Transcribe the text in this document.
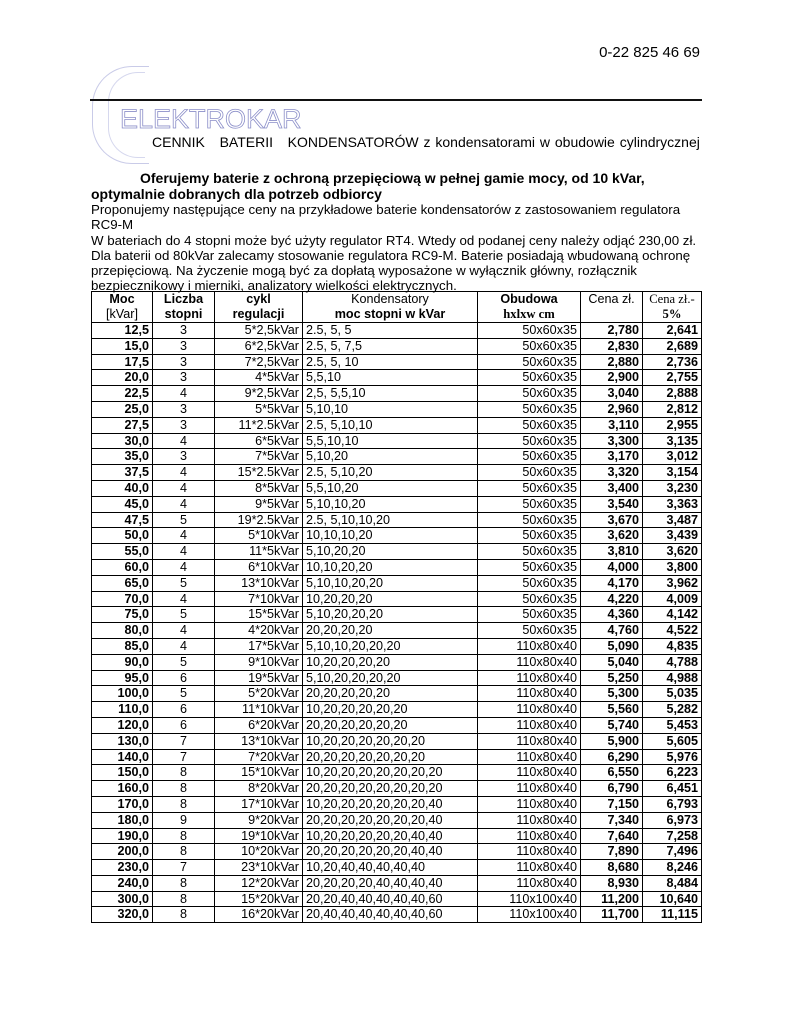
0-22 825 46 69
ELEKTROKAR
CENNIK BATERII KONDENSATORÓW z kondensatorami w obudowie cylindrycznej
Oferujemy baterie z ochroną przepięciową w pełnej gamie mocy, od 10 kVar,
optymalnie dobranych dla potrzeb odbiorcy
Proponujemy następujące ceny na przykładowe baterie kondensatorów z zastosowaniem regulatora RC9-M
W bateriach do 4 stopni może być użyty regulator RT4. Wtedy od podanej ceny należy odjąć 230,00 zł.
Dla baterii od 80kVar zalecamy stosowanie regulatora RC9-M. Baterie posiadają wbudowaną ochronę przepięciową. Na życzenie mogą być za dopłatą wyposażone w wyłącznik główny, rozłącznik bezpiecznikowy i mierniki, analizatory wielkości elektrycznych.
Moc	Liczba	cykl	Kondensatory	Obudowa	Cena zł.	Cena zł.-
[kVar]	stopni	regulacji	moc stopni w kVar	hxlxw cm		5%
12,5	3	5*2,5kVar	2.5, 5, 5	50x60x35	2,780	2,641
15,0	3	6*2,5kVar	2.5, 5, 7,5	50x60x35	2,830	2,689
17,5	3	7*2,5kVar	2.5, 5, 10	50x60x35	2,880	2,736
20,0	3	4*5kVar	5,5,10	50x60x35	2,900	2,755
22,5	4	9*2,5kVar	2,5, 5,5,10	50x60x35	3,040	2,888
25,0	3	5*5kVar	5,10,10	50x60x35	2,960	2,812
27,5	3	11*2.5kVar	2.5, 5,10,10	50x60x35	3,110	2,955
30,0	4	6*5kVar	5,5,10,10	50x60x35	3,300	3,135
35,0	3	7*5kVar	5,10,20	50x60x35	3,170	3,012
37,5	4	15*2.5kVar	2.5, 5,10,20	50x60x35	3,320	3,154
40,0	4	8*5kVar	5,5,10,20	50x60x35	3,400	3,230
45,0	4	9*5kVar	5,10,10,20	50x60x35	3,540	3,363
47,5	5	19*2.5kVar	2.5, 5,10,10,20	50x60x35	3,670	3,487
50,0	4	5*10kVar	10,10,10,20	50x60x35	3,620	3,439
55,0	4	11*5kVar	5,10,20,20	50x60x35	3,810	3,620
60,0	4	6*10kVar	10,10,20,20	50x60x35	4,000	3,800
65,0	5	13*10kVar	5,10,10,20,20	50x60x35	4,170	3,962
70,0	4	7*10kVar	10,20,20,20	50x60x35	4,220	4,009
75,0	5	15*5kVar	5,10,20,20,20	50x60x35	4,360	4,142
80,0	4	4*20kVar	20,20,20,20	50x60x35	4,760	4,522
85,0	4	17*5kVar	5,10,10,20,20,20	110x80x40	5,090	4,835
90,0	5	9*10kVar	10,20,20,20,20	110x80x40	5,040	4,788
95,0	6	19*5kVar	5,10,20,20,20,20	110x80x40	5,250	4,988
100,0	5	5*20kVar	20,20,20,20,20	110x80x40	5,300	5,035
110,0	6	11*10kVar	10,20,20,20,20,20	110x80x40	5,560	5,282
120,0	6	6*20kVar	20,20,20,20,20,20	110x80x40	5,740	5,453
130,0	7	13*10kVar	10,20,20,20,20,20,20	110x80x40	5,900	5,605
140,0	7	7*20kVar	20,20,20,20,20,20,20	110x80x40	6,290	5,976
150,0	8	15*10kVar	10,20,20,20,20,20,20,20	110x80x40	6,550	6,223
160,0	8	8*20kVar	20,20,20,20,20,20,20,20	110x80x40	6,790	6,451
170,0	8	17*10kVar	10,20,20,20,20,20,20,40	110x80x40	7,150	6,793
180,0	9	9*20kVar	20,20,20,20,20,20,20,40	110x80x40	7,340	6,973
190,0	8	19*10kVar	10,20,20,20,20,20,40,40	110x80x40	7,640	7,258
200,0	8	10*20kVar	20,20,20,20,20,20,40,40	110x80x40	7,890	7,496
230,0	7	23*10kVar	10,20,40,40,40,40,40	110x80x40	8,680	8,246
240,0	8	12*20kVar	20,20,20,20,40,40,40,40	110x80x40	8,930	8,484
300,0	8	15*20kVar	20,20,40,40,40,40,40,60	110x100x40	11,200	10,640
320,0	8	16*20kVar	20,40,40,40,40,40,40,60	110x100x40	11,700	11,115
